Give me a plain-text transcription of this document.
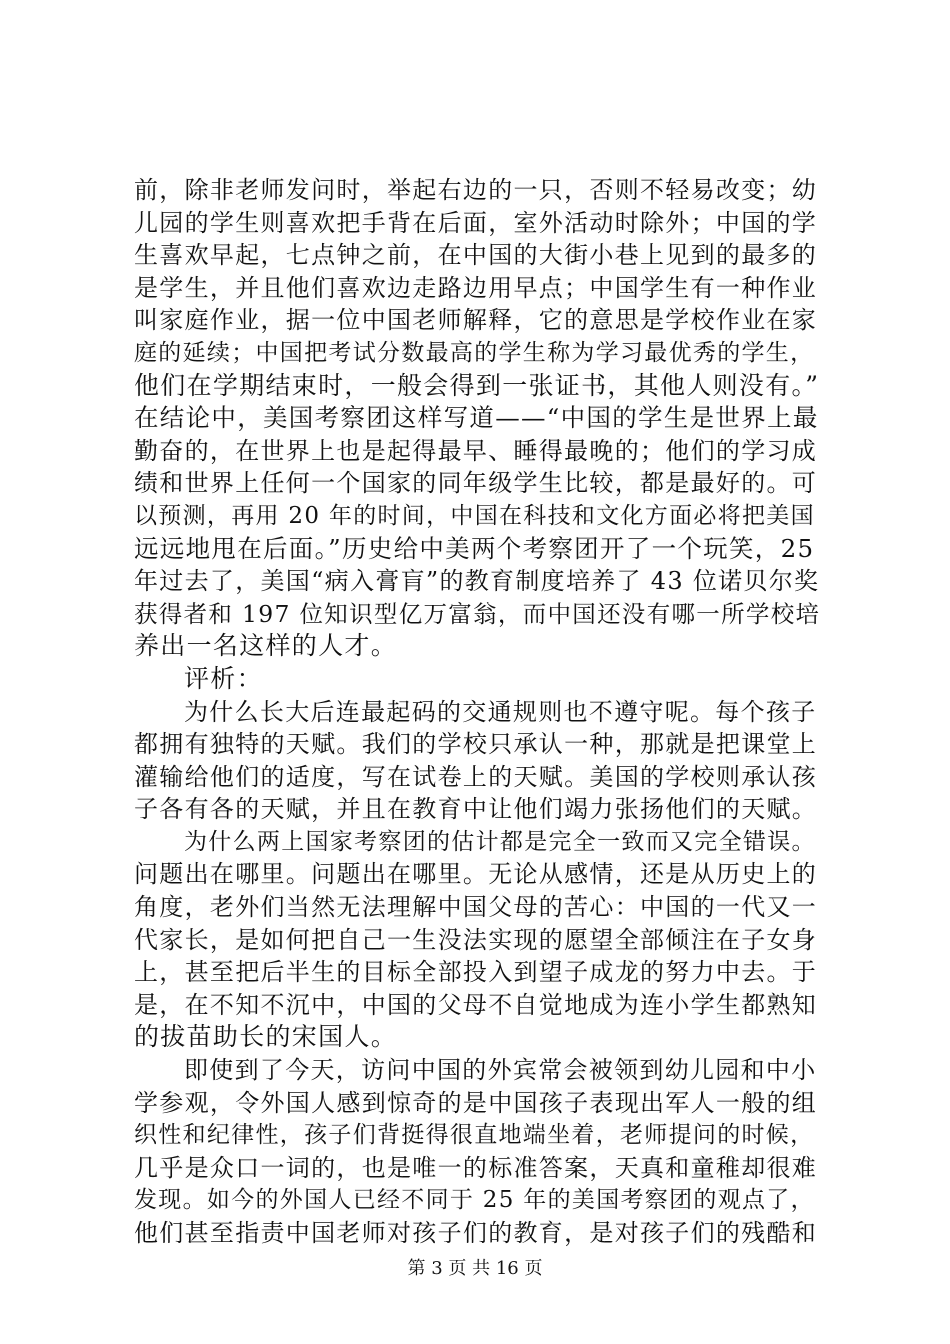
前，除非老师发问时，举起右边的一只，否则不轻易改变；幼
儿园的学生则喜欢把手背在后面，室外活动时除外；中国的学
生喜欢早起，七点钟之前，在中国的大街小巷上见到的最多的
是学生，并且他们喜欢边走路边用早点；中国学生有一种作业
叫家庭作业，据一位中国老师解释，它的意思是学校作业在家
庭的延续；中国把考试分数最高的学生称为学习最优秀的学生，
他们在学期结束时，一般会得到一张证书，其他人则没有。”
在结论中，美国考察团这样写道——“中国的学生是世界上最
勤奋的，在世界上也是起得最早、睡得最晚的；他们的学习成
绩和世界上任何一个国家的同年级学生比较，都是最好的。可
以预测，再用 20 年的时间，中国在科技和文化方面必将把美国
远远地甩在后面。”历史给中美两个考察团开了一个玩笑，25
年过去了，美国“病入膏肓”的教育制度培养了 43 位诺贝尔奖
获得者和 197 位知识型亿万富翁，而中国还没有哪一所学校培
养出一名这样的人才。
评析：
为什么长大后连最起码的交通规则也不遵守呢。每个孩子
都拥有独特的天赋。我们的学校只承认一种，那就是把课堂上
灌输给他们的适度，写在试卷上的天赋。美国的学校则承认孩
子各有各的天赋，并且在教育中让他们竭力张扬他们的天赋。
为什么两上国家考察团的估计都是完全一致而又完全错误。
问题出在哪里。问题出在哪里。无论从感情，还是从历史上的
角度，老外们当然无法理解中国父母的苦心：中国的一代又一
代家长，是如何把自己一生没法实现的愿望全部倾注在子女身
上，甚至把后半生的目标全部投入到望子成龙的努力中去。于
是，在不知不沉中，中国的父母不自觉地成为连小学生都熟知
的拔苗助长的宋国人。
即使到了今天，访问中国的外宾常会被领到幼儿园和中小
学参观，令外国人感到惊奇的是中国孩子表现出军人一般的组
织性和纪律性，孩子们背挺得很直地端坐着，老师提问的时候，
几乎是众口一词的，也是唯一的标准答案，天真和童稚却很难
发现。如今的外国人已经不同于 25 年的美国考察团的观点了，
他们甚至指责中国老师对孩子们的教育，是对孩子们的残酷和
第 3 页 共 16 页
